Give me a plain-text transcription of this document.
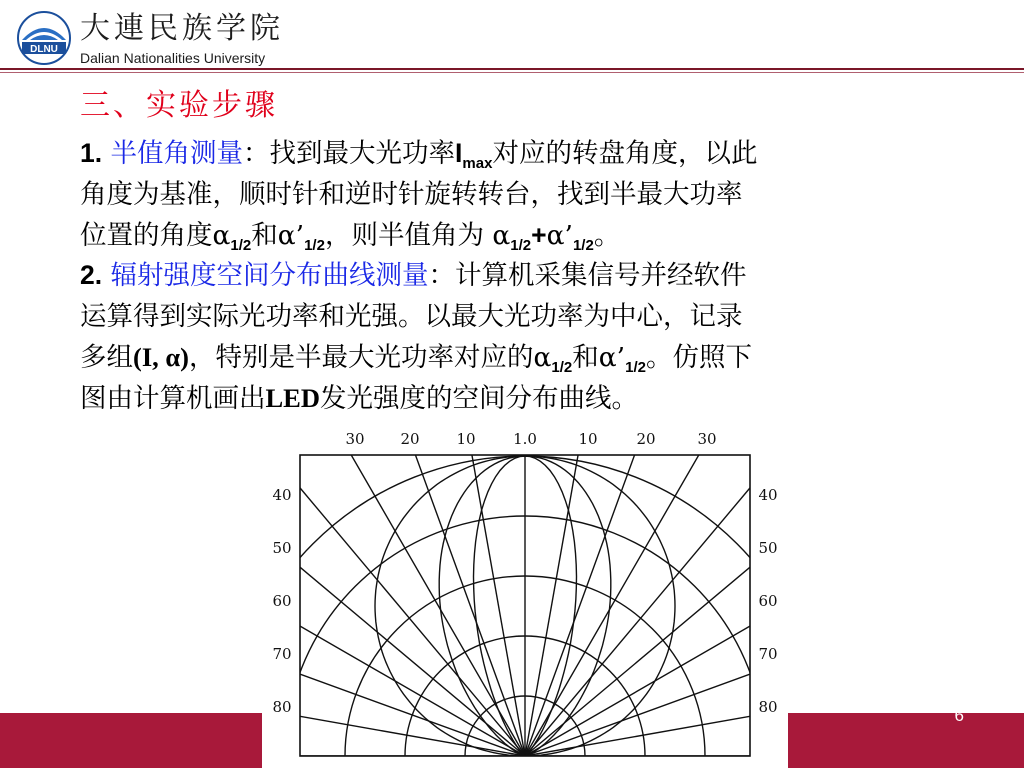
DLNU
大連民族学院
Dalian Nationalities University
三、实验步骤
1. 半值角测量：找到最大光功率$I_{max}$对应的转盘角度，以此
角度为基准，顺时针和逆时针旋转转台，找到半最大功率
位置的角度$\alpha_{1/2}$和$\alpha’_{1/2}$，则半值角为 $\alpha_{1/2}+\alpha’_{1/2}$。
2. 辐射强度空间分布曲线测量：计算机采集信号并经软件
运算得到实际光功率和光强。以最大光功率为中心，记录
多组(I, α)，特别是半最大光功率对应的$\alpha_{1/2}$和$\alpha’_{1/2}$。仿照下
图由计算机画出LED发光强度的空间分布曲线。
6
30 20 10	1.0	10	20	30
40	40
50	50
60	60
70	70
80	80
